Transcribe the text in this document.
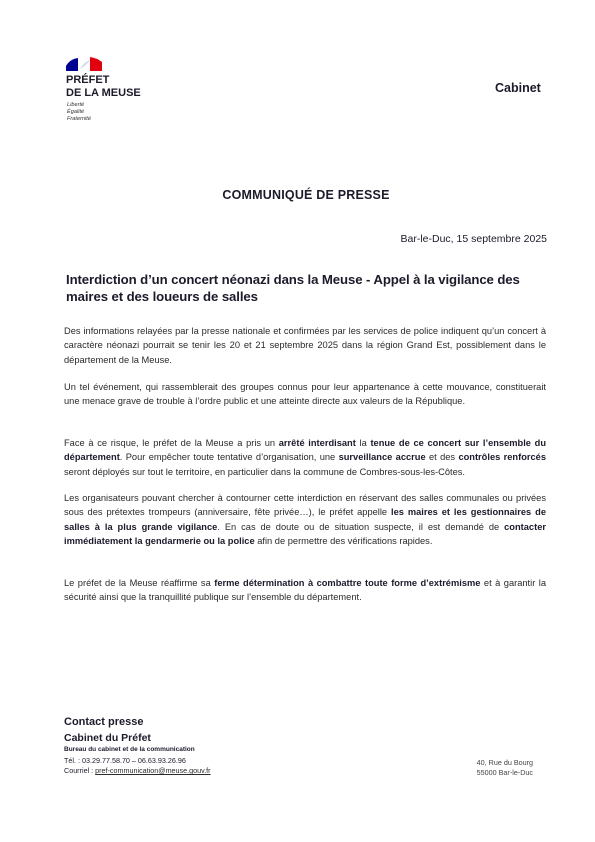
PRÉFET
DE LA MEUSE
Liberté
Égalité
Fraternité
Cabinet
COMMUNIQUÉ DE PRESSE
Bar-le-Duc, 15 septembre 2025
Interdiction d’un concert néonazi dans la Meuse - Appel à la vigilance des maires et des loueurs de salles
Des informations relayées par la presse nationale et confirmées par les services de police indiquent qu’un concert à caractère néonazi pourrait se tenir les 20 et 21 septembre 2025 dans la région Grand Est, possiblement dans le département de la Meuse.
Un tel événement, qui rassemblerait des groupes connus pour leur appartenance à cette mouvance, constituerait une menace grave de trouble à l’ordre public et une atteinte directe aux valeurs de la République.
Face à ce risque, le préfet de la Meuse a pris un arrêté interdisant la tenue de ce concert sur l’ensemble du département. Pour empêcher toute tentative d’organisation, une surveillance accrue et des contrôles renforcés seront déployés sur tout le territoire, en particulier dans la commune de Combres-sous-les-Côtes.
Les organisateurs pouvant chercher à contourner cette interdiction en réservant des salles communales ou privées sous des prétextes trompeurs (anniversaire, fête privée…), le préfet appelle les maires et les gestionnaires de salles à la plus grande vigilance. En cas de doute ou de situation suspecte, il est demandé de contacter immédiatement la gendarmerie ou la police afin de permettre des vérifications rapides.
Le préfet de la Meuse réaffirme sa ferme détermination à combattre toute forme d’extrémisme et à garantir la sécurité ainsi que la tranquillité publique sur l’ensemble du département.
Contact presse
Cabinet du Préfet
Bureau du cabinet et de la communication
Tél. : 03.29.77.58.70 – 06.63.93.26.96
Courriel : pref-communication@meuse.gouv.fr
40, Rue du Bourg
55000 Bar-le-Duc
